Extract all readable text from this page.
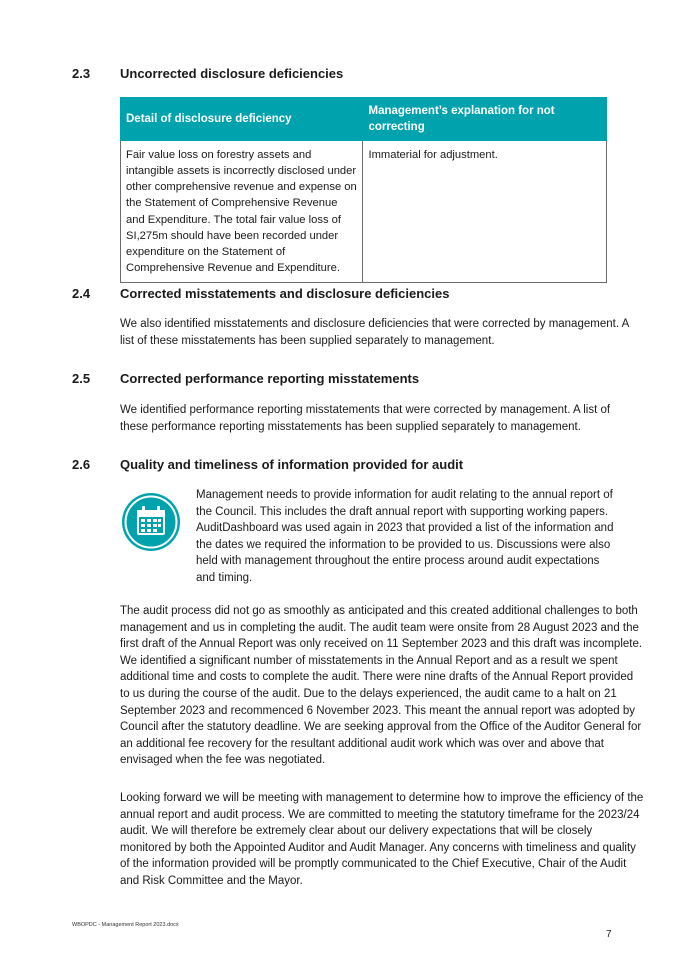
2.3 Uncorrected disclosure deficiencies
Detail of disclosure deficiency	Management’s explanation for not correcting
Fair value loss on forestry assets and intangible assets is incorrectly disclosed under other comprehensive revenue and expense on the Statement of Comprehensive Revenue and Expenditure. The total fair value loss of SI,275m should have been recorded under expenditure on the Statement of Comprehensive Revenue and Expenditure.	Immaterial for adjustment.
2.4 Corrected misstatements and disclosure deficiencies

We also identified misstatements and disclosure deficiencies that were corrected by management. A list of these misstatements has been supplied separately to management.

2.5 Corrected performance reporting misstatements

We identified performance reporting misstatements that were corrected by management. A list of these performance reporting misstatements has been supplied separately to management.

2.6 Quality and timeliness of information provided for audit

Management needs to provide information for audit relating to the annual report of the Council. This includes the draft annual report with supporting working papers. AuditDashboard was used again in 2023 that provided a list of the information and the dates we required the information to be provided to us. Discussions were also held with management throughout the entire process around audit expectations and timing.

The audit process did not go as smoothly as anticipated and this created additional challenges to both management and us in completing the audit. The audit team were onsite from 28 August 2023 and the first draft of the Annual Report was only received on 11 September 2023 and this draft was incomplete. We identified a significant number of misstatements in the Annual Report and as a result we spent additional time and costs to complete the audit. There were nine drafts of the Annual Report provided to us during the course of the audit. Due to the delays experienced, the audit came to a halt on 21 September 2023 and recommenced 6 November 2023. This meant the annual report was adopted by Council after the statutory deadline. We are seeking approval from the Office of the Auditor General for an additional fee recovery for the resultant additional audit work which was over and above that envisaged when the fee was negotiated.

Looking forward we will be meeting with management to determine how to improve the efficiency of the annual report and audit process. We are committed to meeting the statutory timeframe for the 2023/24 audit. We will therefore be extremely clear about our delivery expectations that will be closely monitored by both the Appointed Auditor and Audit Manager. Any concerns with timeliness and quality of the information provided will be promptly communicated to the Chief Executive, Chair of the Audit and Risk Committee and the Mayor.

WBOPDC - Management Report 2023.docx
7
